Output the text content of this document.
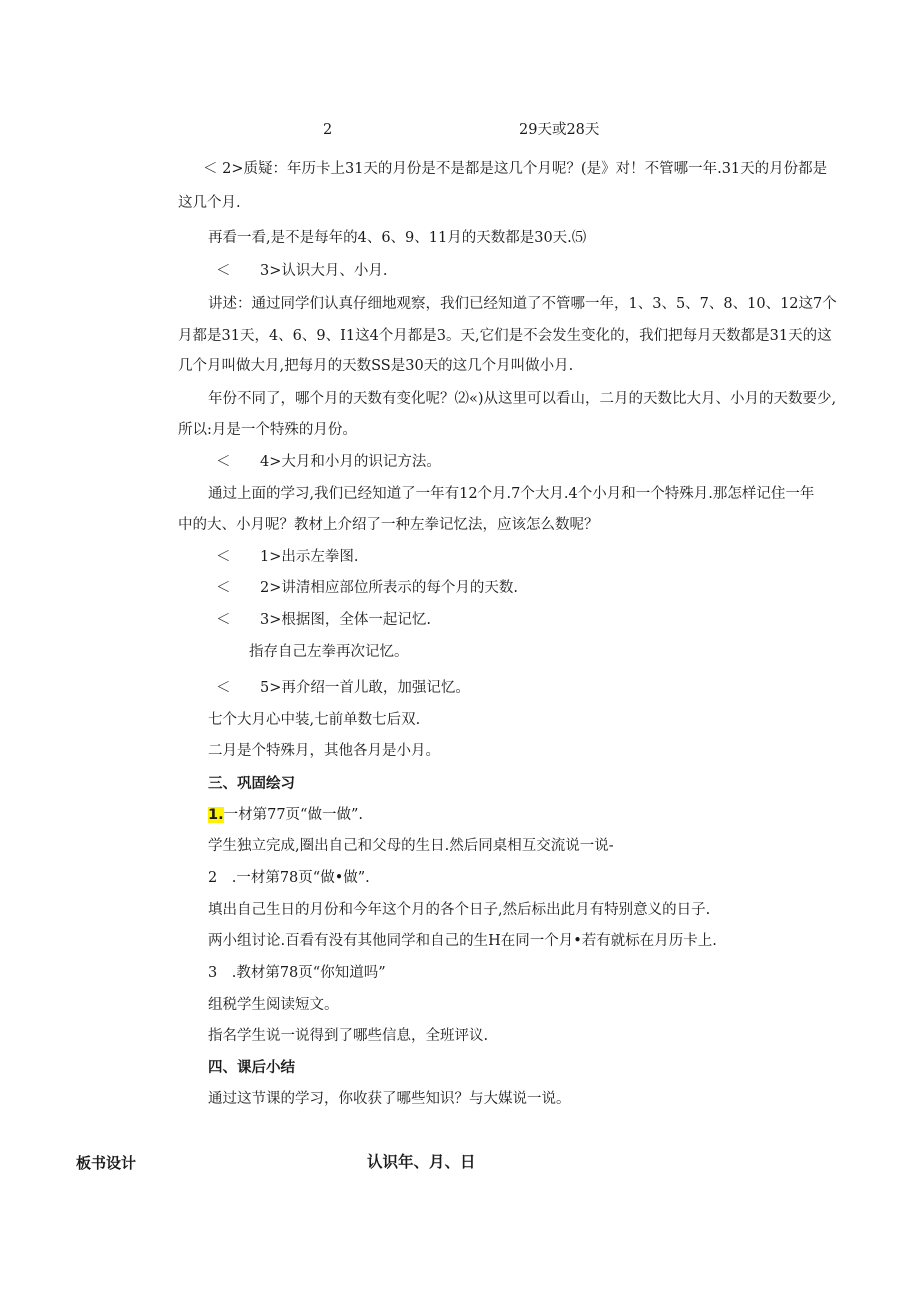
2	29天或28天
＜ 2>质疑：年历卡上31天的月份是不是都是这几个月呢？(是》对！不管哪一年.31天的月份都是
这几个月.
再看一看,是不是每年的4、6、9、11月的天数都是30天.⑸
＜ 3>认识大月、小月.
讲述：通过同学们认真仔细地观察，我们已经知道了不管哪一年，1、3、5、7、8、10、12这7个
月都是31天，4、6、9、I1这4个月都是3。天,它们是不会发生变化的，我们把每月天数都是31天的这
几个月叫做大月,把每月的天数SS是30天的这几个月叫做小月.
年份不同了，哪个月的天数有变化呢？⑵«)从这里可以看山，二月的天数比大月、小月的天数要少,
所以:月是一个特殊的月份。
＜ 4>大月和小月的识记方法。
通过上面的学习,我们已经知道了一年有12个月.7个大月.4个小月和一个特殊月.那怎样记住一年
中的大、小月呢？教材上介绍了一种左拳记忆法，应该怎么数呢？
＜ 1>出示左拳图.
＜ 2>讲清相应部位所表示的每个月的天数.
＜ 3>根据图，全体一起记忆.
指存自己左拳再次记忆。
＜ 5>再介绍一首儿敢，加强记忆。
七个大月心中装,七前单数七后双.
二月是个特殊月，其他各月是小月。
三、巩固绘习
1.一材第77页“做一做”.
学生独立完成,圈出自己和父母的生日.然后同桌相互交流说一说-
2　.一材第78页“做•做”.
填出自己生日的月份和今年这个月的各个日子,然后标出此月有特别意义的日子.
两小组讨论.百看有没有其他同学和自己的生H在同一个月•若有就标在月历卡上.
3　.教材第78页“你知道吗”
组税学生阅读短文。
指名学生说一说得到了哪些信息，全班评议.
四、课后小结
通过这节课的学习，你收获了哪些知识？与大媒说一说。
板书设计	认识年、月、日
